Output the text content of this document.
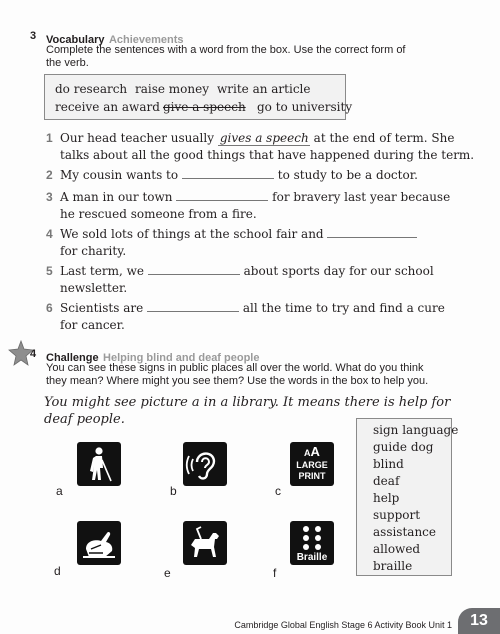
3 Vocabulary Achievements
Complete the sentences with a word from the box. Use the correct form of
the verb.
do research raise money write an article
receive an award give a speech go to university
1 Our head teacher usually gives a speech at the end of term. She
talks about all the good things that have happened during the term.
2 My cousin wants to	to study to be a doctor.
3 A man in our town	for bravery last year because
he rescued someone from a fire.
4 We sold lots of things at the school fair and
for charity.
5 Last term, we	about sports day for our school
newsletter.
6 Scientists are	all the time to try and find a cure
for cancer.
4 Challenge Helping blind and deaf people
You can see these signs in public places all over the world. What do you think
they mean? Where might you see them? Use the words in the box to help you.
You might see picture a in a library. It means there is help for
deaf people.
a	b
AA
LARGE
PRINT
c
d	e
Braille
f
sign language
guide dog
blind
deaf
help
support
assistance
allowed
braille
Cambridge Global English Stage 6 Activity Book Unit 1	13
